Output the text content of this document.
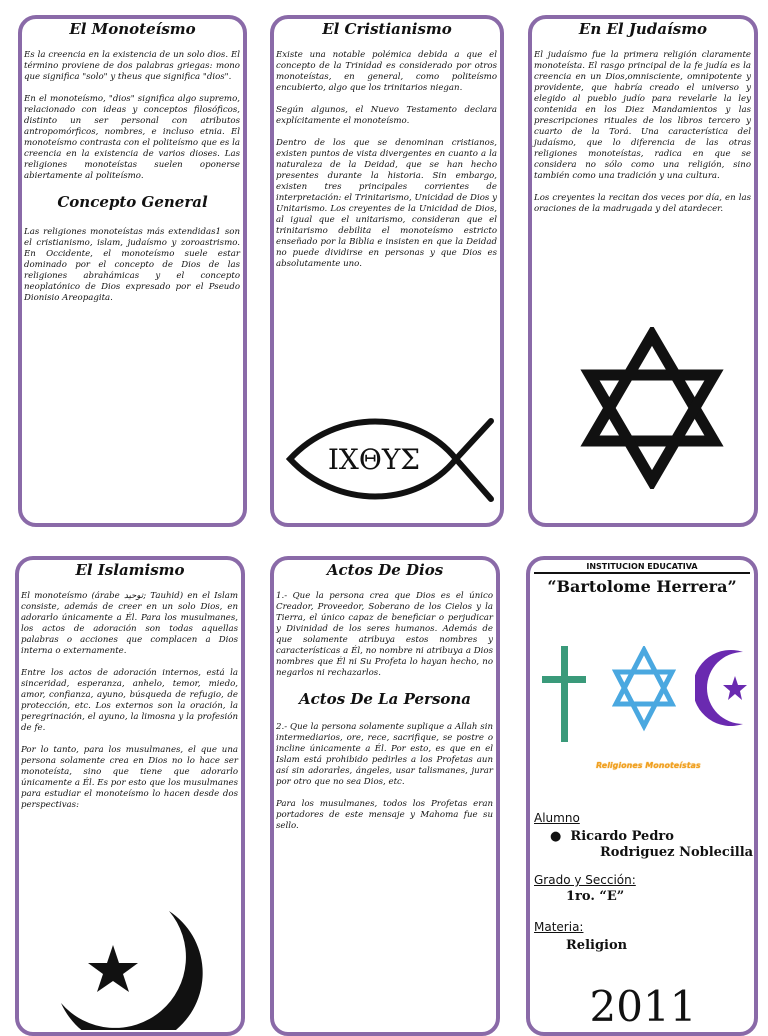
El Monoteísmo

Es la creencia en la existencia de un solo dios. El término proviene de dos palabras griegas: mono que significa "solo" y theus que significa "dios".

En el monoteísmo, "dios" significa algo supremo, relacionado con ideas y conceptos filosóficos, distinto un ser personal con atributos antropomórficos, nombres, e incluso etnia. El monoteísmo contrasta con el politeísmo que es la creencia en la existencia de varios dioses. Las religiones monoteístas suelen oponerse abiertamente al politeísmo.

Concepto General

Las religiones monoteístas más extendidas1 son el cristianismo, islam, judaísmo y zoroastrismo. En Occidente, el monoteísmo suele estar dominado por el concepto de Dios de las religiones abrahámicas y el concepto neoplatónico de Dios expresado por el Pseudo Dionisio Areopagita.

El Cristianismo

Existe una notable polémica debida a que el concepto de la Trinidad es considerado por otros monoteístas, en general, como politeísmo encubierto, algo que los trinitarios niegan.

Según algunos, el Nuevo Testamento declara explícitamente el monoteísmo.

Dentro de los que se denominan cristianos, existen puntos de vista divergentes en cuanto a la naturaleza de la Deidad, que se han hecho presentes durante la historia. Sin embargo, existen tres principales corrientes de interpretación: el Trinitarismo, Unicidad de Dios y Unitarismo. Los creyentes de la Unicidad de Dios, al igual que el unitarismo, consideran que el trinitarismo debilita el monoteísmo estricto enseñado por la Biblia e insisten en que la Deidad no puede dividirse en personas y que Dios es absolutamente uno.

ΙΧΘΥΣ
En El Judaísmo

El judaísmo fue la primera religión claramente monoteísta. El rasgo principal de la fe judía es la creencia en un Dios,omnisciente, omnipotente y providente, que habría creado el universo y elegido al pueblo judío para revelarle la ley contenida en los Diez Mandamientos y las prescripciones rituales de los libros tercero y cuarto de la Torá. Una característica del judaísmo, que lo diferencia de las otras religiones monoteístas, radica en que se considera no sólo como una religión, sino también como una tradición y una cultura.

Los creyentes la recitan dos veces por día, en las oraciones de la madrugada y del atardecer.

El Islamismo

El monoteísmo (árabe توحيد; Tauhid) en el Islam consiste, además de creer en un solo Dios, en adorarlo únicamente a Él. Para los musulmanes, los actos de adoración son todas aquellas palabras o acciones que complacen a Dios interna o externamente.

Entre los actos de adoración internos, está la sinceridad, esperanza, anhelo, temor, miedo, amor, confianza, ayuno, búsqueda de refugio, de protección, etc. Los externos son la oración, la peregrinación, el ayuno, la limosna y la profesión de fe.

Por lo tanto, para los musulmanes, el que una persona solamente crea en Dios no lo hace ser monoteísta, sino que tiene que adorarlo únicamente a Él. Es por esto que los musulmanes para estudiar el monoteísmo lo hacen desde dos perspectivas:

Actos De Dios

1.- Que la persona crea que Dios es el único Creador, Proveedor, Soberano de los Cielos y la Tierra, el único capaz de beneficiar o perjudicar y Divinidad de los seres humanos. Además de que solamente atribuya estos nombres y características a Él, no nombre ni atribuya a Dios nombres que Él ni Su Profeta lo hayan hecho, no negarlos ni rechazarlos.

Actos De La Persona

2.- Que la persona solamente suplique a Allah sin intermediarios, ore, rece, sacrifique, se postre o incline únicamente a Él. Por esto, es que en el Islam está prohibido pedirles a los Profetas aun así sin adorarles, ángeles, usar talismanes, jurar por otro que no sea Dios, etc.

Para los musulmanes, todos los Profetas eran portadores de este mensaje y Mahoma fue su sello.

INSTITUCION EDUCATIVA
“Bartolome Herrera”
Religiones Monoteístas
Alumno
●  Ricardo Pedro
Rodriguez Noblecilla
Grado y Sección:
1ro. “E”
Materia:
Religion
2011
